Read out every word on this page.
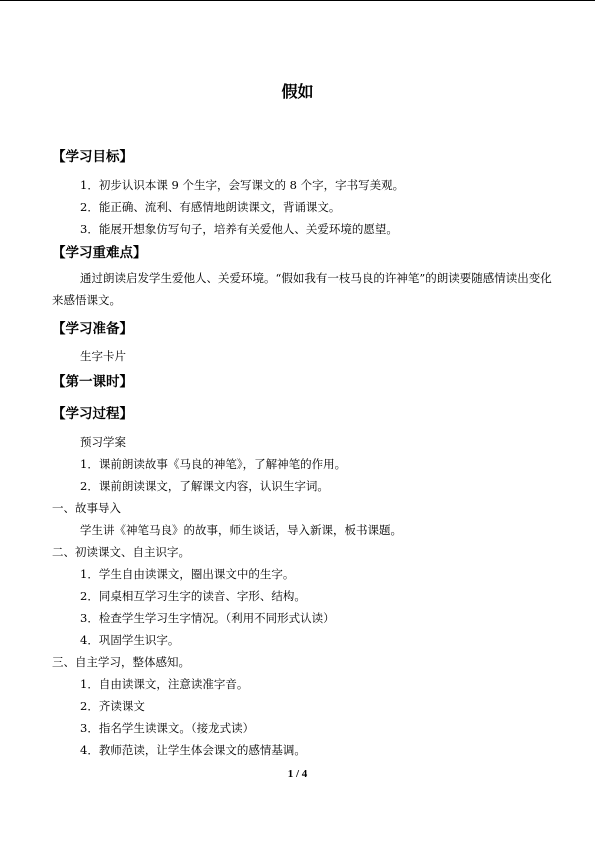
假如
【学习目标】
1．初步认识本课 9 个生字，会写课文的 8 个字，字书写美观。
2．能正确、流利、有感情地朗读课文，背诵课文。
3．能展开想象仿写句子，培养有关爱他人、关爱环境的愿望。
【学习重难点】
通过朗读启发学生爱他人、关爱环境。“假如我有一枝马良的许神笔”的朗读要随感情读出变化来感悟课文。
【学习准备】
生字卡片
【第一课时】
【学习过程】
预习学案
1．课前朗读故事《马良的神笔》，了解神笔的作用。
2．课前朗读课文，了解课文内容，认识生字词。
一、故事导入
学生讲《神笔马良》的故事，师生谈话，导入新课，板书课题。
二、初读课文、自主识字。
1．学生自由读课文，圈出课文中的生字。
2．同桌相互学习生字的读音、字形、结构。
3．检查学生学习生字情况。（利用不同形式认读）
4．巩固学生识字。
三、自主学习，整体感知。
1．自由读课文，注意读准字音。
2．齐读课文
3．指名学生读课文。（接龙式读）
4．教师范读，让学生体会课文的感情基调。
1 / 4
